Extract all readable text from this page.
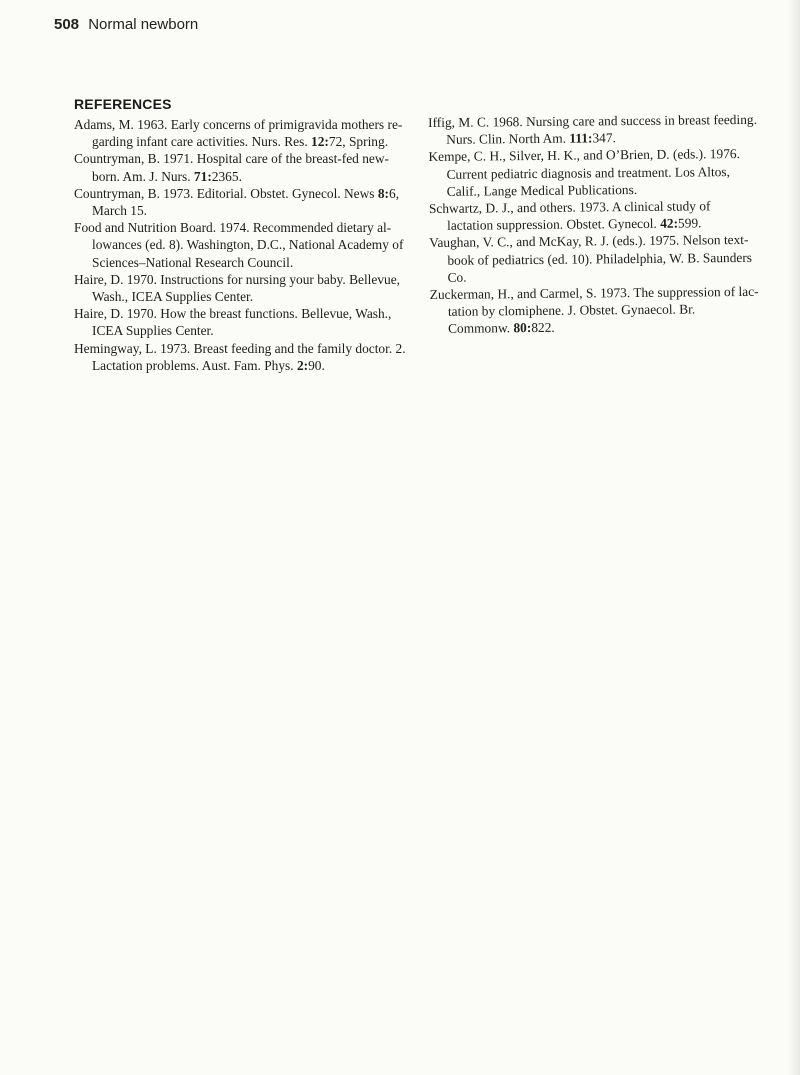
508 Normal newborn
REFERENCES

Adams, M. 1963. Early concerns of primigravida mothers re-garding infant care activities. Nurs. Res. 12:72, Spring.

Countryman, B. 1971. Hospital care of the breast-fed new-born. Am. J. Nurs. 71:2365.

Countryman, B. 1973. Editorial. Obstet. Gynecol. News 8:6, March 15.

Food and Nutrition Board. 1974. Recommended dietary al-lowances (ed. 8). Washington, D.C., National Academy of Sciences–National Research Council.

Haire, D. 1970. Instructions for nursing your baby. Bellevue, Wash., ICEA Supplies Center.

Haire, D. 1970. How the breast functions. Bellevue, Wash., ICEA Supplies Center.

Hemingway, L. 1973. Breast feeding and the family doctor. 2. Lactation problems. Aust. Fam. Phys. 2:90.

Iffig, M. C. 1968. Nursing care and success in breast feeding. Nurs. Clin. North Am. 111:347.

Kempe, C. H., Silver, H. K., and O’Brien, D. (eds.). 1976. Current pediatric diagnosis and treatment. Los Altos, Calif., Lange Medical Publications.

Schwartz, D. J., and others. 1973. A clinical study of lactation suppression. Obstet. Gynecol. 42:599.

Vaughan, V. C., and McKay, R. J. (eds.). 1975. Nelson text-book of pediatrics (ed. 10). Philadelphia, W. B. Saunders Co.

Zuckerman, H., and Carmel, S. 1973. The suppression of lac-tation by clomiphene. J. Obstet. Gynaecol. Br. Commonw. 80:822.
